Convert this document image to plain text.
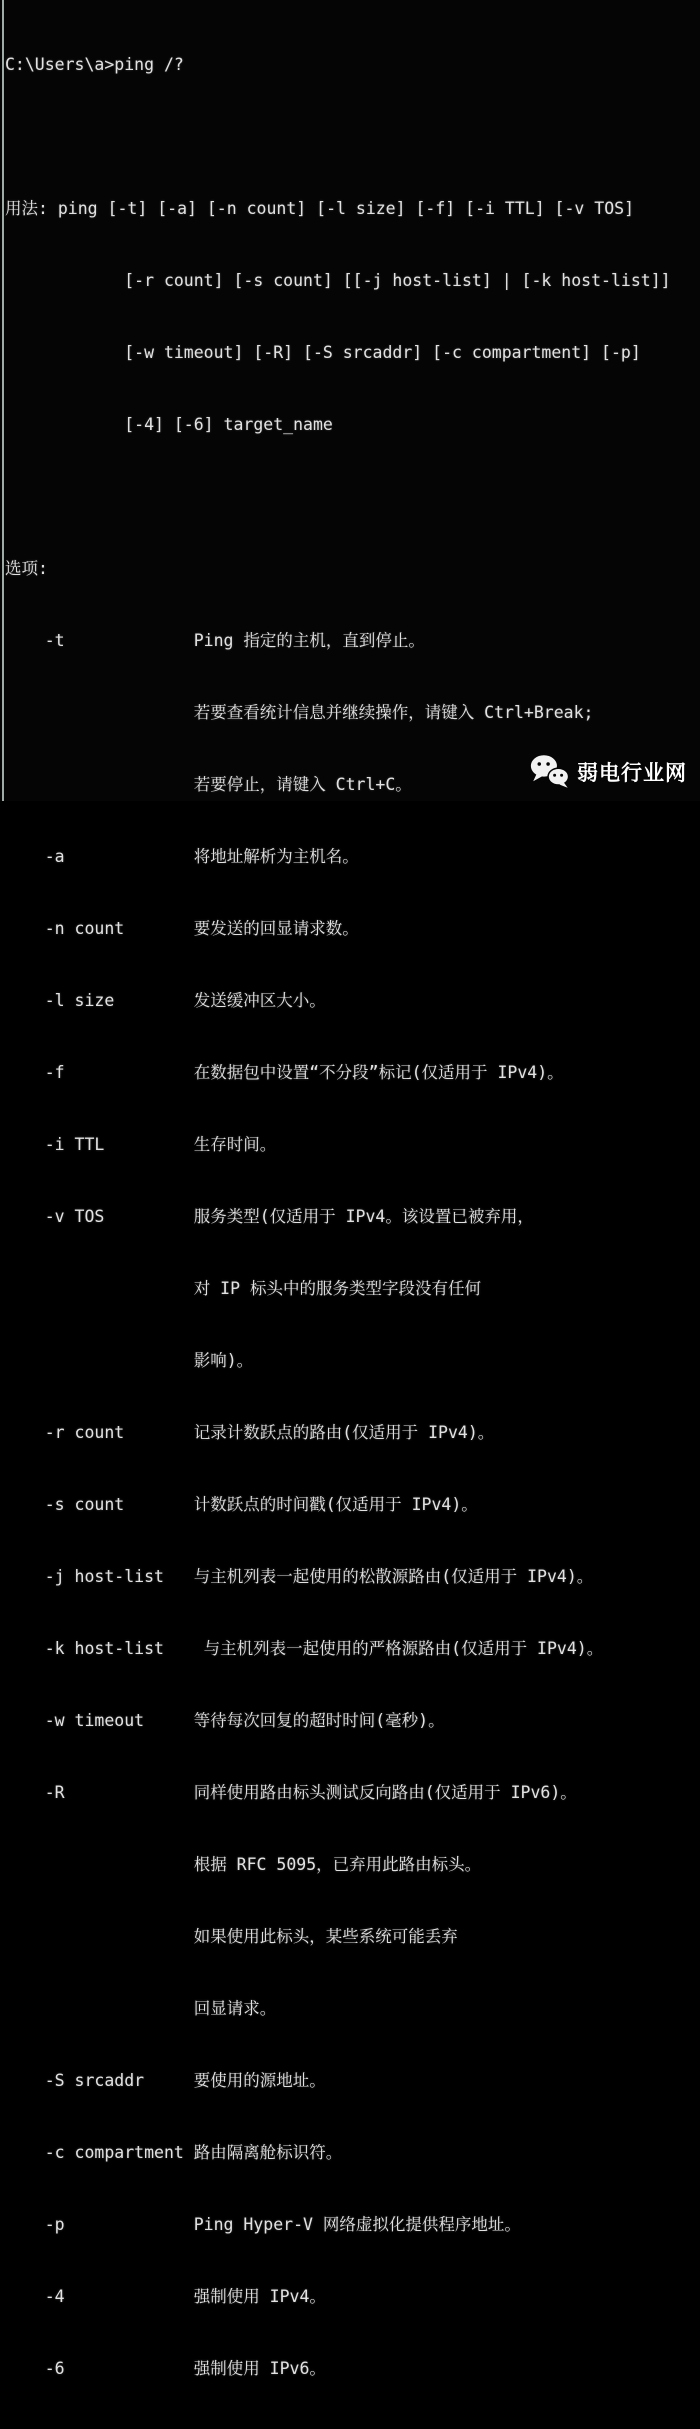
C:\Users\a>ping /?

用法: ping [-t] [-a] [-n count] [-l size] [-f] [-i TTL] [-v TOS]

[-r count] [-s count] [[-j host-list] | [-k host-list]]

[-w timeout] [-R] [-S srcaddr] [-c compartment] [-p]

[-4] [-6] target_name

选项:

-t             Ping 指定的主机，直到停止。

若要查看统计信息并继续操作，请键入 Ctrl+Break;

若要停止，请键入 Ctrl+C。

-a             将地址解析为主机名。

-n count       要发送的回显请求数。

-l size        发送缓冲区大小。

-f             在数据包中设置“不分段”标记(仅适用于 IPv4)。

-i TTL         生存时间。

-v TOS         服务类型(仅适用于 IPv4。该设置已被弃用，

对 IP 标头中的服务类型字段没有任何

影响)。

-r count       记录计数跃点的路由(仅适用于 IPv4)。

-s count       计数跃点的时间戳(仅适用于 IPv4)。

-j host-list   与主机列表一起使用的松散源路由(仅适用于 IPv4)。

-k host-list    与主机列表一起使用的严格源路由(仅适用于 IPv4)。

-w timeout     等待每次回复的超时时间(毫秒)。

-R             同样使用路由标头测试反向路由(仅适用于 IPv6)。

根据 RFC 5095，已弃用此路由标头。

如果使用此标头，某些系统可能丢弃

回显请求。

-S srcaddr     要使用的源地址。

-c compartment 路由隔离舱标识符。

-p             Ping Hyper-V 网络虚拟化提供程序地址。

-4             强制使用 IPv4。

-6             强制使用 IPv6。

弱电行业网
